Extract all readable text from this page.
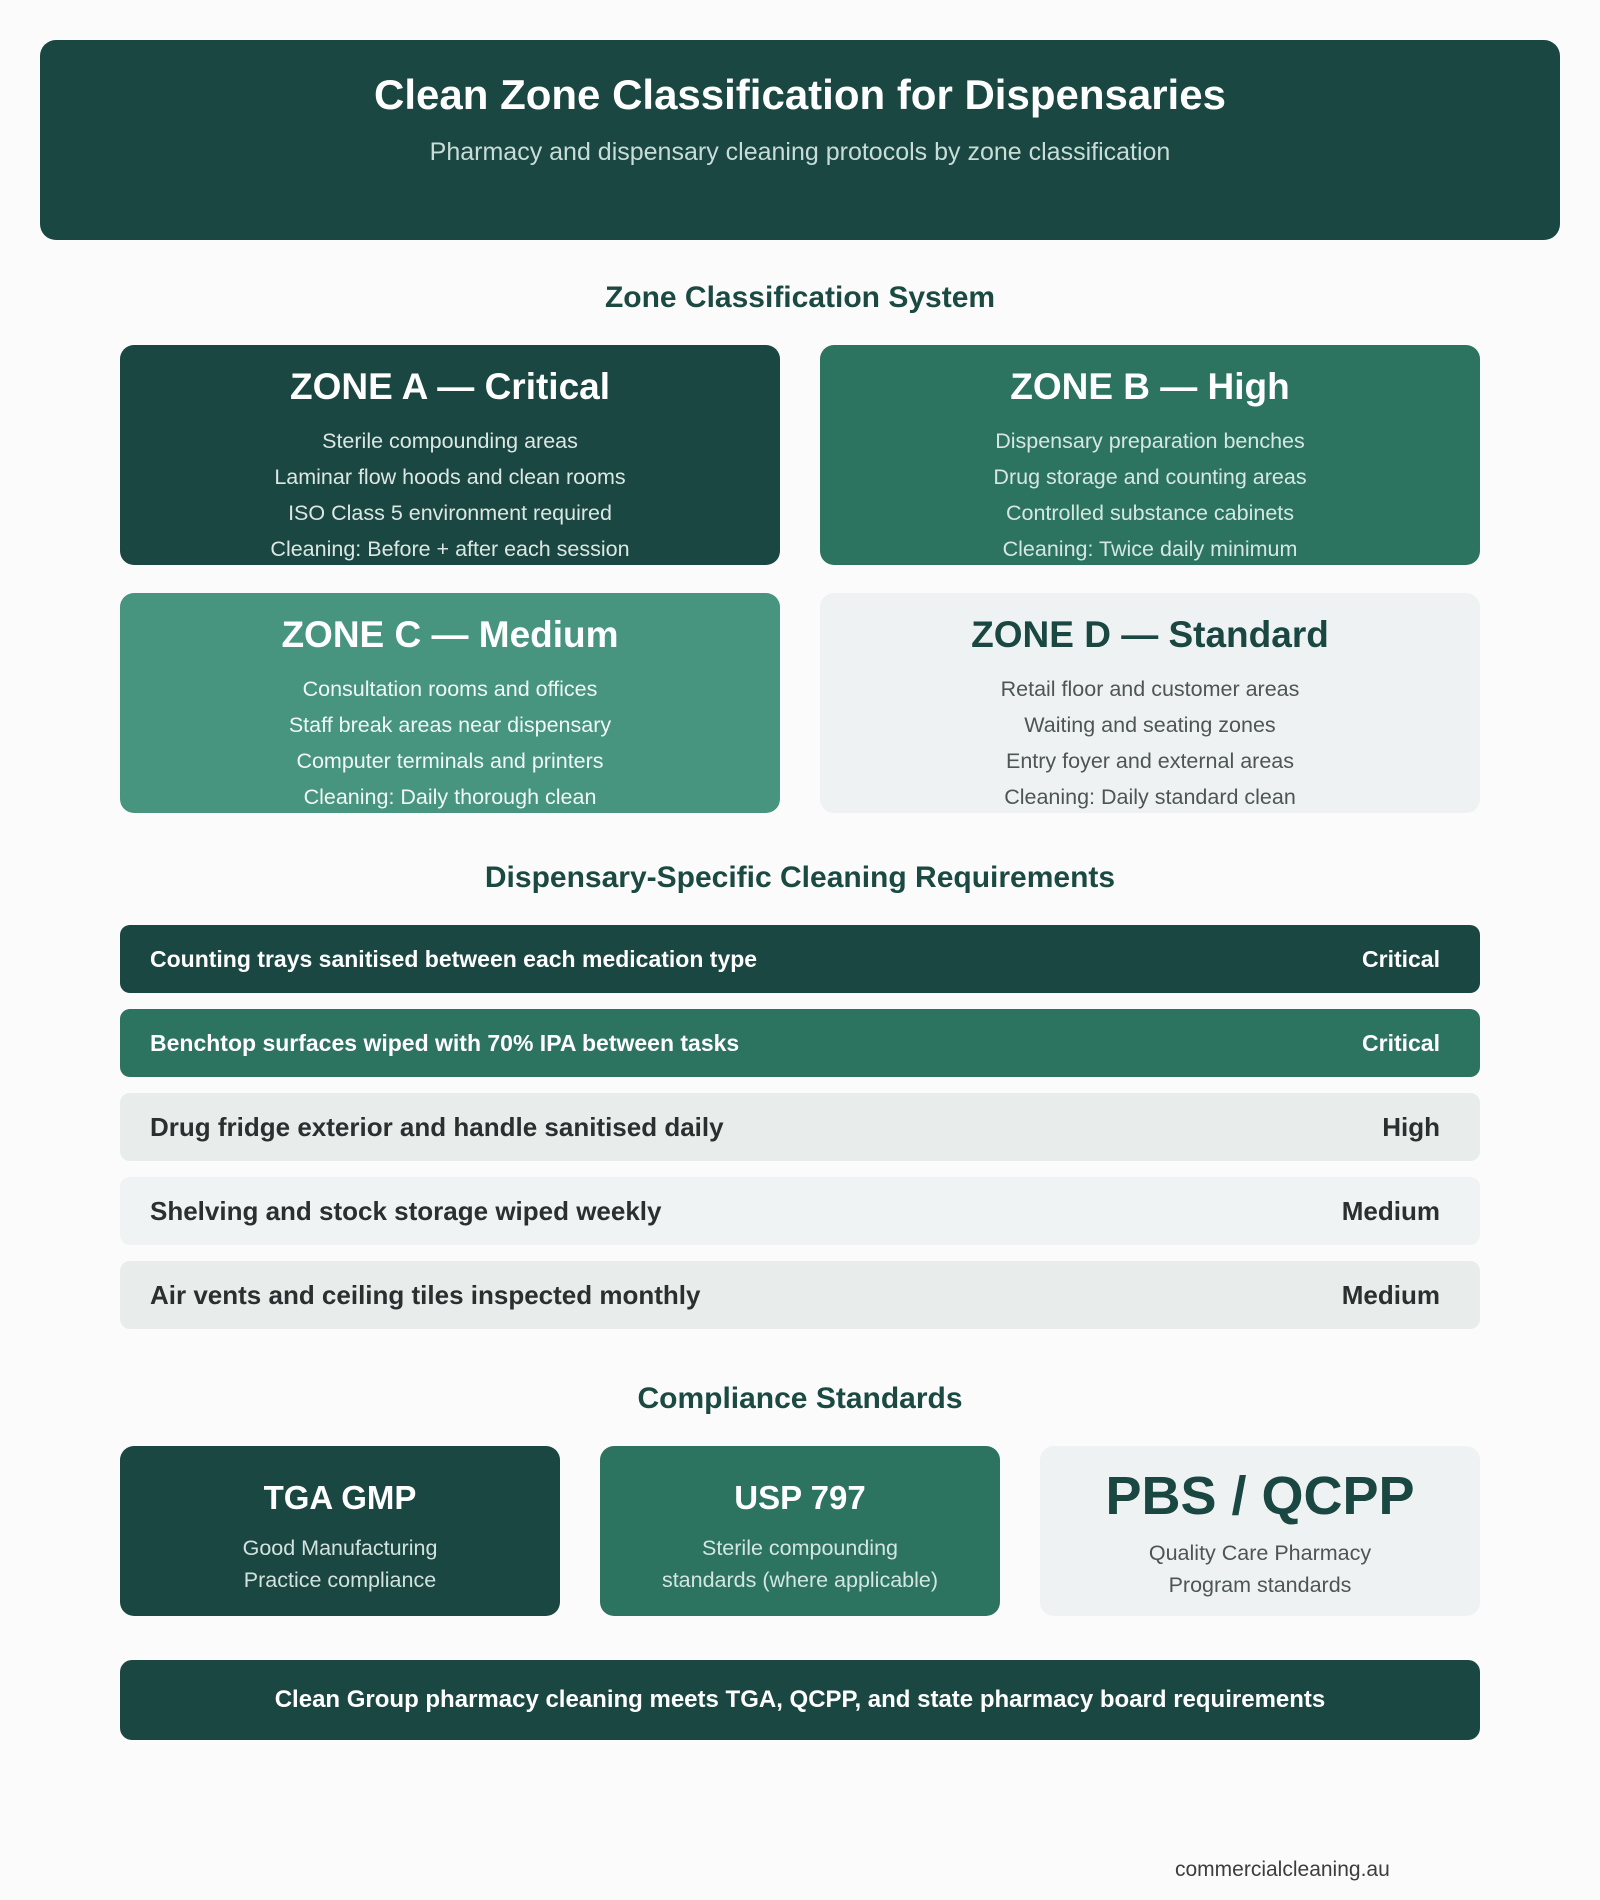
Clean Zone Classification for Dispensaries
Pharmacy and dispensary cleaning protocols by zone classification
Zone Classification System
ZONE A — Critical
Sterile compounding areas
Laminar flow hoods and clean rooms
ISO Class 5 environment required
Cleaning: Before + after each session
ZONE B — High
Dispensary preparation benches
Drug storage and counting areas
Controlled substance cabinets
Cleaning: Twice daily minimum
ZONE C — Medium
Consultation rooms and offices
Staff break areas near dispensary
Computer terminals and printers
Cleaning: Daily thorough clean
ZONE D — Standard
Retail floor and customer areas
Waiting and seating zones
Entry foyer and external areas
Cleaning: Daily standard clean
Dispensary-Specific Cleaning Requirements
Counting trays sanitised between each medication type	Critical
Benchtop surfaces wiped with 70% IPA between tasks	Critical
Drug fridge exterior and handle sanitised daily	High
Shelving and stock storage wiped weekly	Medium
Air vents and ceiling tiles inspected monthly	Medium
Compliance Standards
TGA GMP
Good Manufacturing
Practice compliance
USP 797
Sterile compounding
standards (where applicable)
PBS / QCPP
Quality Care Pharmacy
Program standards
Clean Group pharmacy cleaning meets TGA, QCPP, and state pharmacy board requirements
commercialcleaning.au
